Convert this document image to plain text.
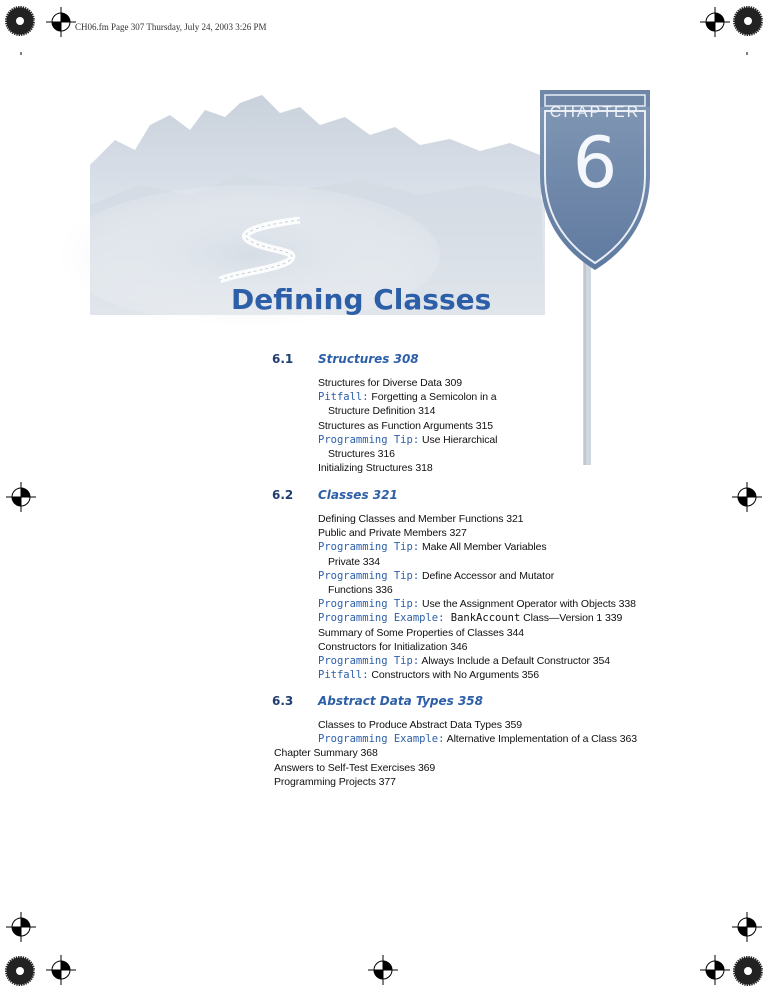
CH06.fm Page 307 Thursday, July 24, 2003 3:26 PM
CHAPTER
6
Defining Classes
6.1 Structures 308
Structures for Diverse Data 309
Pitfall: Forgetting a Semicolon in a
Structure Definition 314
Structures as Function Arguments 315
Programming Tip: Use Hierarchical
Structures 316
Initializing Structures 318
6.2 Classes 321
Defining Classes and Member Functions 321
Public and Private Members 327
Programming Tip: Make All Member Variables
Private 334
Programming Tip: Define Accessor and Mutator
Functions 336
Programming Tip: Use the Assignment Operator with Objects 338
Programming Example: BankAccount Class—Version 1 339
Summary of Some Properties of Classes 344
Constructors for Initialization 346
Programming Tip: Always Include a Default Constructor 354
Pitfall: Constructors with No Arguments 356
6.3 Abstract Data Types 358
Classes to Produce Abstract Data Types 359
Programming Example: Alternative Implementation of a Class 363
Chapter Summary 368
Answers to Self-Test Exercises 369
Programming Projects 377
